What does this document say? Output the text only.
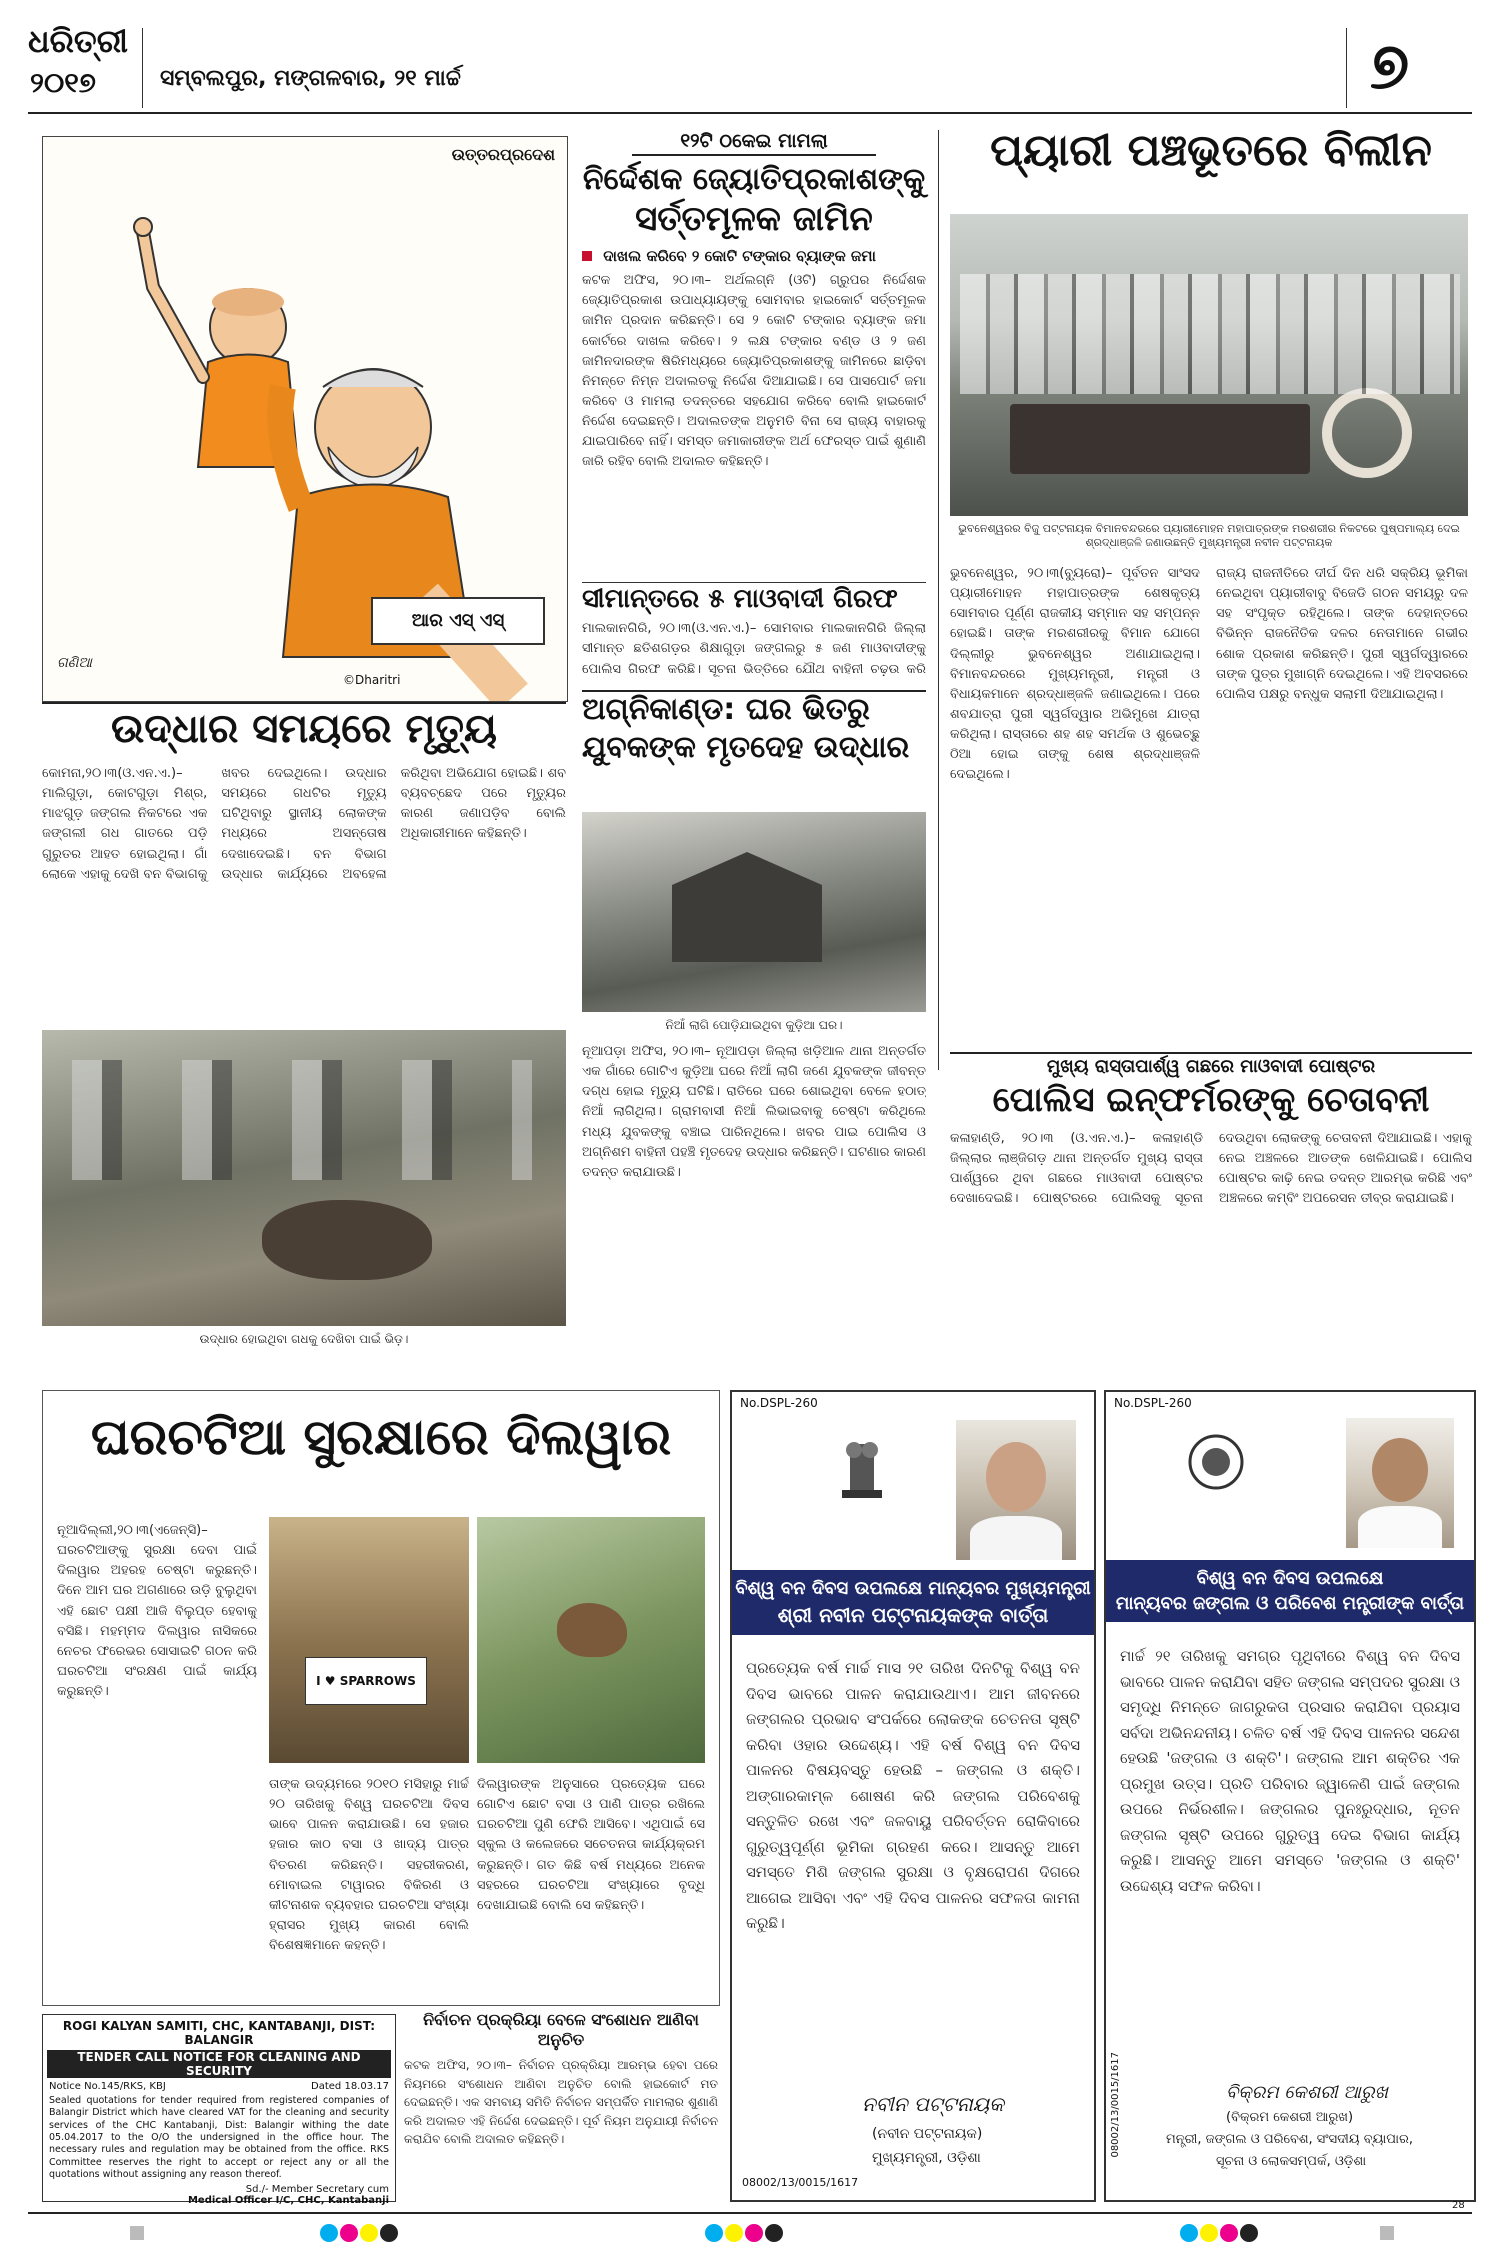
ଧରିତ୍ରୀ
୨୦୧୭	ସମ୍ବଲପୁର, ମଙ୍ଗଳବାର, ୨୧ ମାର୍ଚ୍ଚ	୭
ଉତ୍ତରପ୍ରଦେଶ
ଆର ଏସ୍ ଏସ୍
ଗଣିଆ
©Dharitri
୧୨ଟି ଠକେଇ ମାମଲା
ନିର୍ଦ୍ଦେଶକ ଜ୍ୟୋତିପ୍ରକାଶଙ୍କୁ
ସର୍ତ୍ତମୂଳକ ଜାମିନ
ଦାଖଲ କରିବେ ୨ କୋଟି ଟଙ୍କାର ବ୍ୟାଙ୍କ ଜମା
କଟକ ଅଫିସ, ୨୦।୩– ଅର୍ଥଲଗ୍ନି (ଓଟି) ଗ୍ରୁପର ନିର୍ଦ୍ଦେଶକ ଜ୍ୟୋତିପ୍ରକାଶ ଉପାଧ୍ୟାୟଙ୍କୁ ସୋମବାର ହାଇକୋର୍ଟ ସର୍ତ୍ତମୂଳକ ଜାମିନ ପ୍ରଦାନ କରିଛନ୍ତି। ସେ ୨ କୋଟି ଟଙ୍କାର ବ୍ୟାଙ୍କ ଜମା କୋର୍ଟରେ ଦାଖଲ କରିବେ। ୨ ଲକ୍ଷ ଟଙ୍କାର ବଣ୍ଡ ଓ ୨ ଜଣ ଜାମିନଦାରଙ୍କ ଷିରିମଧ୍ୟରେ ଜ୍ୟୋତିପ୍ରକାଶଙ୍କୁ ଜାମିନରେ ଛାଡ଼ିବା ନିମନ୍ତେ ନିମ୍ନ ଅଦାଲତକୁ ନିର୍ଦ୍ଦେଶ ଦିଆଯାଇଛି। ସେ ପାସପୋର୍ଟ ଜମା କରିବେ ଓ ମାମଲା ତଦନ୍ତରେ ସହଯୋଗ କରିବେ ବୋଲି ହାଇକୋର୍ଟ ନିର୍ଦ୍ଦେଶ ଦେଇଛନ୍ତି। ଅଦାଲତଙ୍କ ଅନୁମତି ବିନା ସେ ରାଜ୍ୟ ବାହାରକୁ ଯାଇପାରିବେ ନାହିଁ। ସମସ୍ତ ଜମାକାରୀଙ୍କ ଅର୍ଥ ଫେରସ୍ତ ପାଇଁ ଶୁଣାଣି ଜାରି ରହିବ ବୋଲି ଅଦାଲତ କହିଛନ୍ତି।
ସୀମାନ୍ତରେ ୫ ମାଓବାଦୀ ଗିରଫ
ମାଲକାନଗିରି, ୨୦।୩(ଓ.ଏନ.ଏ.)– ସୋମବାର ମାଲକାନଗିରି ଜିଲ୍ଲା ସୀମାନ୍ତ ଛତିଶଗଡ଼ର ଶିକ୍ଷାଗୁଡ଼ା ଜଙ୍ଗଲରୁ ୫ ଜଣ ମାଓବାଦୀଙ୍କୁ ପୋଲିସ ଗିରଫ କରିଛି। ସୂଚନା ଭିତ୍ତିରେ ଯୌଥ ବାହିନୀ ଚଢ଼ଉ କରି
ପ୍ୟାରୀ ପଞ୍ଚଭୂତରେ ବିଲୀନ
ଭୁବନେଶ୍ୱରର ବିଜୁ ପଟ୍ଟନାୟକ ବିମାନବନ୍ଦରରେ ପ୍ୟାରୀମୋହନ ମହାପାତ୍ରଙ୍କ ମରଶରୀର ନିକଟରେ ପୁଷ୍ପମାଲ୍ୟ ଦେଇ ଶ୍ରଦ୍ଧାଞ୍ଜଳି ଜଣାଉଛନ୍ତି ମୁଖ୍ୟମନ୍ତ୍ରୀ ନବୀନ ପଟ୍ଟନାୟକ
ଭୁବନେଶ୍ୱର, ୨୦।୩(ବ୍ୟୁରୋ)– ପୂର୍ବତନ ସାଂସଦ ପ୍ୟାରୀମୋହନ ମହାପାତ୍ରଙ୍କ ଶେଷକୃତ୍ୟ ସୋମବାର ପୂର୍ଣ୍ଣ ରାଜକୀୟ ସମ୍ମାନ ସହ ସମ୍ପନ୍ନ ହୋଇଛି। ତାଙ୍କ ମରଶରୀରକୁ ବିମାନ ଯୋଗେ ଦିଲ୍ଲୀରୁ ଭୁବନେଶ୍ୱର ଅଣାଯାଇଥିଲା। ବିମାନବନ୍ଦରରେ ମୁଖ୍ୟମନ୍ତ୍ରୀ, ମନ୍ତ୍ରୀ ଓ ବିଧାୟକମାନେ ଶ୍ରଦ୍ଧାଞ୍ଜଳି ଜଣାଇଥିଲେ। ପରେ ଶବଯାତ୍ରା ପୁରୀ ସ୍ୱର୍ଗଦ୍ୱାର ଅଭିମୁଖେ ଯାତ୍ରା କରିଥିଲା। ରାସ୍ତାରେ ଶହ ଶହ ସମର୍ଥକ ଓ ଶୁଭେଚ୍ଛୁ ଠିଆ ହୋଇ ତାଙ୍କୁ ଶେଷ ଶ୍ରଦ୍ଧାଞ୍ଜଳି ଦେଇଥିଲେ।
ରାଜ୍ୟ ରାଜନୀତିରେ ଦୀର୍ଘ ଦିନ ଧରି ସକ୍ରିୟ ଭୂମିକା ନେଇଥିବା ପ୍ୟାରୀବାବୁ ବିଜେଡି ଗଠନ ସମୟରୁ ଦଳ ସହ ସଂପୃକ୍ତ ରହିଥିଲେ। ତାଙ୍କ ଦେହାନ୍ତରେ ବିଭିନ୍ନ ରାଜନୈତିକ ଦଳର ନେତାମାନେ ଗଭୀର ଶୋକ ପ୍ରକାଶ କରିଛନ୍ତି। ପୁରୀ ସ୍ୱର୍ଗଦ୍ୱାରରେ ତାଙ୍କ ପୁତ୍ର ମୁଖାଗ୍ନି ଦେଇଥିଲେ। ଏହି ଅବସରରେ ପୋଲିସ ପକ୍ଷରୁ ବନ୍ଧୁକ ସଲାମୀ ଦିଆଯାଇଥିଲା।
ଉଦ୍ଧାର ସମୟରେ ମୃତ୍ୟୁ
କୋମନା,୨୦।୩(ଓ.ଏନ.ଏ.)– ମାଲିଗୁଡ଼ା, କୋଟଗୁଡ଼ା ମିଶ୍ର, ମାଝଗୁଡ଼ ଜଙ୍ଗଲ ନିକଟରେ ଏକ ଜଙ୍ଗଲୀ ଗଧ ଗାତରେ ପଡ଼ି ଗୁରୁତର ଆହତ ହୋଇଥିଲା। ଗାଁ ଲୋକେ ଏହାକୁ ଦେଖି ବନ ବିଭାଗକୁ ଖବର ଦେଇଥିଲେ। ଉଦ୍ଧାର ସମୟରେ ଗଧଟିର ମୃତ୍ୟୁ ଘଟିଥିବାରୁ ସ୍ଥାନୀୟ ଲୋକଙ୍କ ମଧ୍ୟରେ ଅସନ୍ତୋଷ ଦେଖାଦେଇଛି। ବନ ବିଭାଗ ଉଦ୍ଧାର କାର୍ଯ୍ୟରେ ଅବହେଳା କରିଥିବା ଅଭିଯୋଗ ହୋଇଛି। ଶବ ବ୍ୟବଚ୍ଛେଦ ପରେ ମୃତ୍ୟୁର କାରଣ ଜଣାପଡ଼ିବ ବୋଲି ଅଧିକାରୀମାନେ କହିଛନ୍ତି।
ଉଦ୍ଧାର ହୋଇଥିବା ଗଧକୁ ଦେଖିବା ପାଇଁ ଭିଡ଼।
ଅଗ୍ନିକାଣ୍ଡ: ଘର ଭିତରୁ
ଯୁବକଙ୍କ ମୃତଦେହ ଉଦ୍ଧାର
ନିଆଁ ଲାଗି ପୋଡ଼ିଯାଇଥିବା କୁଡ଼ିଆ ଘର।
ନୂଆପଡ଼ା ଅଫିସ, ୨୦।୩– ନୂଆପଡ଼ା ଜିଲ୍ଲା ଖଡ଼ିଆଳ ଥାନା ଅନ୍ତର୍ଗତ ଏକ ଗାଁରେ ଗୋଟିଏ କୁଡ଼ିଆ ଘରେ ନିଆଁ ଲାଗି ଜଣେ ଯୁବକଙ୍କ ଜୀବନ୍ତ ଦଗ୍ଧ ହୋଇ ମୃତ୍ୟୁ ଘଟିଛି। ରାତିରେ ଘରେ ଶୋଇଥିବା ବେଳେ ହଠାତ୍ ନିଆଁ ଲାଗିଥିଲା। ଗ୍ରାମବାସୀ ନିଆଁ ଲିଭାଇବାକୁ ଚେଷ୍ଟା କରିଥିଲେ ମଧ୍ୟ ଯୁବକଙ୍କୁ ବଞ୍ଚାଇ ପାରିନଥିଲେ। ଖବର ପାଇ ପୋଲିସ ଓ ଅଗ୍ନିଶମ ବାହିନୀ ପହଞ୍ଚି ମୃତଦେହ ଉଦ୍ଧାର କରିଛନ୍ତି। ଘଟଣାର କାରଣ ତଦନ୍ତ କରାଯାଉଛି।
ମୁଖ୍ୟ ରାସ୍ତାପାର୍ଶ୍ୱ ଗଛରେ ମାଓବାଦୀ ପୋଷ୍ଟର
ପୋଲିସ ଇନ୍‌ଫର୍ମରଙ୍କୁ ଚେତାବନୀ
କଳାହାଣ୍ଡି, ୨୦।୩ (ଓ.ଏନ.ଏ.)– କଳାହାଣ୍ଡି ଜିଲ୍ଲାର ଲାଞ୍ଜିଗଡ଼ ଥାନା ଅନ୍ତର୍ଗତ ମୁଖ୍ୟ ରାସ୍ତା ପାର୍ଶ୍ୱରେ ଥିବା ଗଛରେ ମାଓବାଦୀ ପୋଷ୍ଟର ଦେଖାଦେଇଛି। ପୋଷ୍ଟରରେ ପୋଲିସକୁ ସୂଚନା ଦେଉଥିବା ଲୋକଙ୍କୁ ଚେତାବନୀ ଦିଆଯାଇଛି। ଏହାକୁ ନେଇ ଅଞ୍ଚଳରେ ଆତଙ୍କ ଖେଳିଯାଇଛି। ପୋଲିସ ପୋଷ୍ଟର କାଢ଼ି ନେଇ ତଦନ୍ତ ଆରମ୍ଭ କରିଛି ଏବଂ ଅଞ୍ଚଳରେ କମ୍ବିଂ ଅପରେସନ ତୀବ୍ର କରାଯାଇଛି।
ଘରଚଟିଆ ସୁରକ୍ଷାରେ ଦିଲୱାର
ନୂଆଦିଲ୍ଲୀ,୨୦।୩(ଏଜେନ୍ସି)– ଘରଚଟିଆଙ୍କୁ ସୁରକ୍ଷା ଦେବା ପାଇଁ ଦିଲୱାର ଅହରହ ଚେଷ୍ଟା କରୁଛନ୍ତି। ଦିନେ ଆମ ଘର ଅଗଣାରେ ଉଡ଼ି ବୁଲୁଥିବା ଏହି ଛୋଟ ପକ୍ଷୀ ଆଜି ବିଲୁପ୍ତ ହେବାକୁ ବସିଛି। ମହମ୍ମଦ ଦିଲୱାର ନାସିକରେ ନେଚର ଫରେଭର ସୋସାଇଟି ଗଠନ କରି ଘରଚଟିଆ ସଂରକ୍ଷଣ ପାଇଁ କାର୍ଯ୍ୟ କରୁଛନ୍ତି।
I ♥ SPARROWS
ତାଙ୍କ ଉଦ୍ୟମରେ ୨୦୧୦ ମସିହାରୁ ମାର୍ଚ୍ଚ ୨୦ ତାରିଖକୁ ବିଶ୍ୱ ଘରଚଟିଆ ଦିବସ ଭାବେ ପାଳନ କରାଯାଉଛି। ସେ ହଜାର ହଜାର କାଠ ବସା ଓ ଖାଦ୍ୟ ପାତ୍ର ବିତରଣ କରିଛନ୍ତି। ସହରୀକରଣ, ମୋବାଇଲ ଟାୱାରର ବିକିରଣ ଓ କୀଟନାଶକ ବ୍ୟବହାର ଘରଚଟିଆ ସଂଖ୍ୟା ହ୍ରାସର ମୁଖ୍ୟ କାରଣ ବୋଲି ବିଶେଷଜ୍ଞମାନେ କହନ୍ତି।
ଦିଲୱାରଙ୍କ ଅନୁସାରେ ପ୍ରତ୍ୟେକ ଘରେ ଗୋଟିଏ ଛୋଟ ବସା ଓ ପାଣି ପାତ୍ର ରଖିଲେ ଘରଚଟିଆ ପୁଣି ଫେରି ଆସିବେ। ଏଥିପାଇଁ ସେ ସ୍କୁଲ ଓ କଲେଜରେ ସଚେତନତା କାର୍ଯ୍ୟକ୍ରମ କରୁଛନ୍ତି। ଗତ କିଛି ବର୍ଷ ମଧ୍ୟରେ ଅନେକ ସହରରେ ଘରଚଟିଆ ସଂଖ୍ୟାରେ ବୃଦ୍ଧି ଦେଖାଯାଇଛି ବୋଲି ସେ କହିଛନ୍ତି।
ROGI KALYAN SAMITI, CHC, KANTABANJI, DIST: BALANGIR
TENDER CALL NOTICE FOR CLEANING AND SECURITY
Notice No.145/RKS, KBJ	Dated 18.03.17
Sealed quotations for tender required from registered companies of Balangir District which have cleared VAT for the cleaning and security services of the CHC Kantabanji, Dist: Balangir withing the date 05.04.2017 to the O/O the undersigned in the office hour. The necessary rules and regulation may be obtained from the office. RKS Committee reserves the right to accept or reject any or all the quotations without assigning any reason thereof.
Sd./- Member Secretary cum
Medical Officer I/C, CHC, Kantabanji
ନିର୍ବାଚନ ପ୍ରକ୍ରିୟା ବେଳେ ସଂଶୋଧନ ଆଣିବା ଅନୁଚିତ
କଟକ ଅଫିସ, ୨୦।୩– ନିର୍ବାଚନ ପ୍ରକ୍ରିୟା ଆରମ୍ଭ ହେବା ପରେ ନିୟମରେ ସଂଶୋଧନ ଆଣିବା ଅନୁଚିତ ବୋଲି ହାଇକୋର୍ଟ ମତ ଦେଇଛନ୍ତି। ଏକ ସମବାୟ ସମିତି ନିର୍ବାଚନ ସମ୍ପର୍କିତ ମାମଲାର ଶୁଣାଣି କରି ଅଦାଲତ ଏହି ନିର୍ଦ୍ଦେଶ ଦେଇଛନ୍ତି। ପୂର୍ବ ନିୟମ ଅନୁଯାୟୀ ନିର୍ବାଚନ କରାଯିବ ବୋଲି ଅଦାଲତ କହିଛନ୍ତି।
No.DSPL-260
ବିଶ୍ୱ ବନ ଦିବସ ଉପଲକ୍ଷେ ମାନ୍ୟବର ମୁଖ୍ୟମନ୍ତ୍ରୀ
ଶ୍ରୀ ନବୀନ ପଟ୍ଟନାୟକଙ୍କ ବାର୍ତ୍ତା
ପ୍ରତ୍ୟେକ ବର୍ଷ ମାର୍ଚ୍ଚ ମାସ ୨୧ ତାରିଖ ଦିନଟିକୁ ବିଶ୍ୱ ବନ ଦିବସ ଭାବରେ ପାଳନ କରାଯାଉଥାଏ। ଆମ ଜୀବନରେ ଜଙ୍ଗଲର ପ୍ରଭାବ ସଂପର୍କରେ ଲୋକଙ୍କ ଚେତନତା ସୃଷ୍ଟି କରିବା ଓହାର ଉଦ୍ଦେଶ୍ୟ। ଏହି ବର୍ଷ ବିଶ୍ୱ ବନ ଦିବସ ପାଳନର ବିଷୟବସ୍ତୁ ହେଉଛି – ଜଙ୍ଗଲ ଓ ଶକ୍ତି। ଅଙ୍ଗାରକାମ୍ଳ ଶୋଷଣ କରି ଜଙ୍ଗଲ ପରିବେଶକୁ ସନ୍ତୁଳିତ ରଖେ ଏବଂ ଜଳବାୟୁ ପରିବର୍ତ୍ତନ ରୋକିବାରେ ଗୁରୁତ୍ୱପୂର୍ଣ୍ଣ ଭୂମିକା ଗ୍ରହଣ କରେ। ଆସନ୍ତୁ ଆମେ ସମସ୍ତେ ମିଶି ଜଙ୍ଗଲ ସୁରକ୍ଷା ଓ ବୃକ୍ଷରୋପଣ ଦିଗରେ ଆଗେଇ ଆସିବା ଏବଂ ଏହି ଦିବସ ପାଳନର ସଫଳତା କାମନା କରୁଛି।
ନବୀନ ପଟ୍ଟନାୟକ
(ନବୀନ ପଟ୍ଟନାୟକ)
ମୁଖ୍ୟମନ୍ତ୍ରୀ, ଓଡ଼ିଶା
08002/13/0015/1617
No.DSPL-260
ବିଶ୍ୱ ବନ ଦିବସ ଉପଲକ୍ଷେ
ମାନ୍ୟବର ଜଙ୍ଗଲ ଓ ପରିବେଶ ମନ୍ତ୍ରୀଙ୍କ ବାର୍ତ୍ତା
ମାର୍ଚ୍ଚ ୨୧ ତାରିଖକୁ ସମଗ୍ର ପୃଥିବୀରେ ବିଶ୍ୱ ବନ ଦିବସ ଭାବରେ ପାଳନ କରାଯିବା ସହିତ ଜଙ୍ଗଲ ସମ୍ପଦର ସୁରକ୍ଷା ଓ ସମୃଦ୍ଧି ନିମନ୍ତେ ଜାଗରୁକତା ପ୍ରସାର କରାଯିବା ପ୍ରୟାସ ସର୍ବଦା ଅଭିନନ୍ଦନୀୟ। ଚଳିତ ବର୍ଷ ଏହି ଦିବସ ପାଳନର ସନ୍ଦେଶ ହେଉଛି 'ଜଙ୍ଗଲ ଓ ଶକ୍ତି'। ଜଙ୍ଗଲ ଆମ ଶକ୍ତିର ଏକ ପ୍ରମୁଖ ଉତ୍ସ। ପ୍ରତି ପରିବାର ଜ୍ୱାଳେଣି ପାଇଁ ଜଙ୍ଗଲ ଉପରେ ନିର୍ଭରଶୀଳ। ଜଙ୍ଗଲର ପୁନଃରୁଦ୍ଧାର, ନୂତନ ଜଙ୍ଗଲ ସୃଷ୍ଟି ଉପରେ ଗୁରୁତ୍ୱ ଦେଇ ବିଭାଗ କାର୍ଯ୍ୟ କରୁଛି। ଆସନ୍ତୁ ଆମେ ସମସ୍ତେ 'ଜଙ୍ଗଲ ଓ ଶକ୍ତି' ଉଦ୍ଦେଶ୍ୟ ସଫଳ କରିବା।
ବିକ୍ରମ କେଶରୀ ଆରୁଖ
(ବିକ୍ରମ କେଶରୀ ଆରୁଖ)
ମନ୍ତ୍ରୀ, ଜଙ୍ଗଲ ଓ ପରିବେଶ, ସଂସଦୀୟ ବ୍ୟାପାର,
ସୂଚନା ଓ ଲୋକସମ୍ପର୍କ, ଓଡ଼ିଶା
08002/13/0015/1617
28
